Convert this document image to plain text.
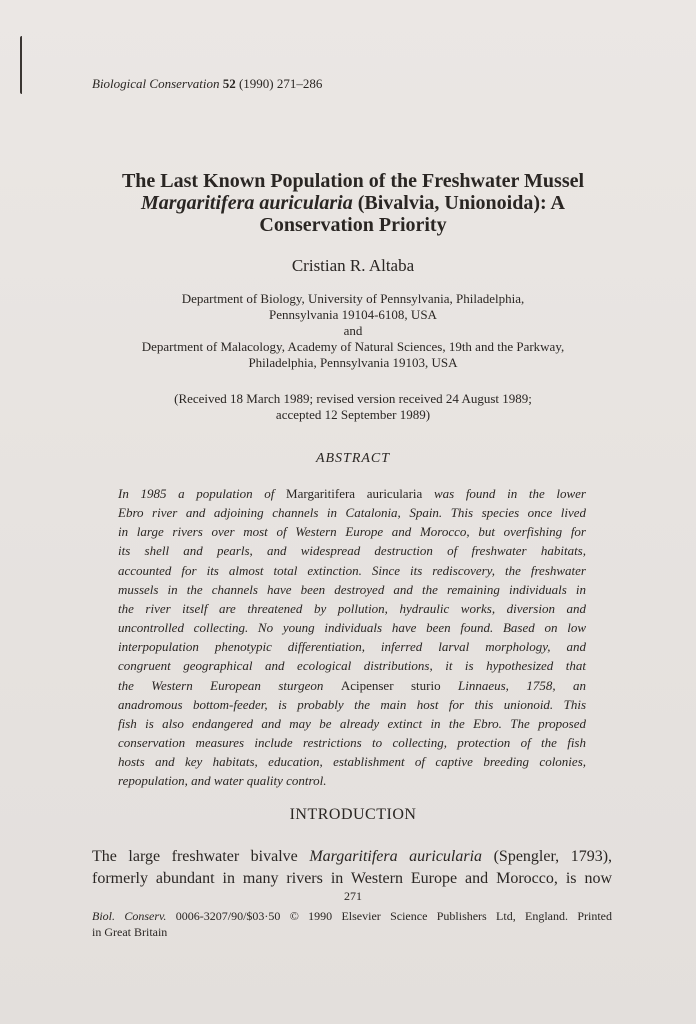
Biological Conservation 52 (1990) 271–286
The Last Known Population of the Freshwater Mussel
Margaritifera auricularia (Bivalvia, Unionoida): A
Conservation Priority
Cristian R. Altaba
Department of Biology, University of Pennsylvania, Philadelphia,
Pennsylvania 19104-6108, USA
and
Department of Malacology, Academy of Natural Sciences, 19th and the Parkway,
Philadelphia, Pennsylvania 19103, USA
(Received 18 March 1989; revised version received 24 August 1989;
accepted 12 September 1989)
ABSTRACT
In 1985 a population of Margaritifera auricularia was found in the lower
Ebro river and adjoining channels in Catalonia, Spain. This species once lived
in large rivers over most of Western Europe and Morocco, but overfishing for
its shell and pearls, and widespread destruction of freshwater habitats,
accounted for its almost total extinction. Since its rediscovery, the freshwater
mussels in the channels have been destroyed and the remaining individuals in
the river itself are threatened by pollution, hydraulic works, diversion and
uncontrolled collecting. No young individuals have been found. Based on low
interpopulation phenotypic differentiation, inferred larval morphology, and
congruent geographical and ecological distributions, it is hypothesized that
the Western European sturgeon Acipenser sturio Linnaeus, 1758, an
anadromous bottom-feeder, is probably the main host for this unionoid. This
fish is also endangered and may be already extinct in the Ebro. The proposed
conservation measures include restrictions to collecting, protection of the fish
hosts and key habitats, education, establishment of captive breeding colonies,
repopulation, and water quality control.
INTRODUCTION
The large freshwater bivalve Margaritifera auricularia (Spengler, 1793),
formerly abundant in many rivers in Western Europe and Morocco, is now
271
Biol. Conserv. 0006-3207/90/$03·50 © 1990 Elsevier Science Publishers Ltd, England. Printed
in Great Britain
